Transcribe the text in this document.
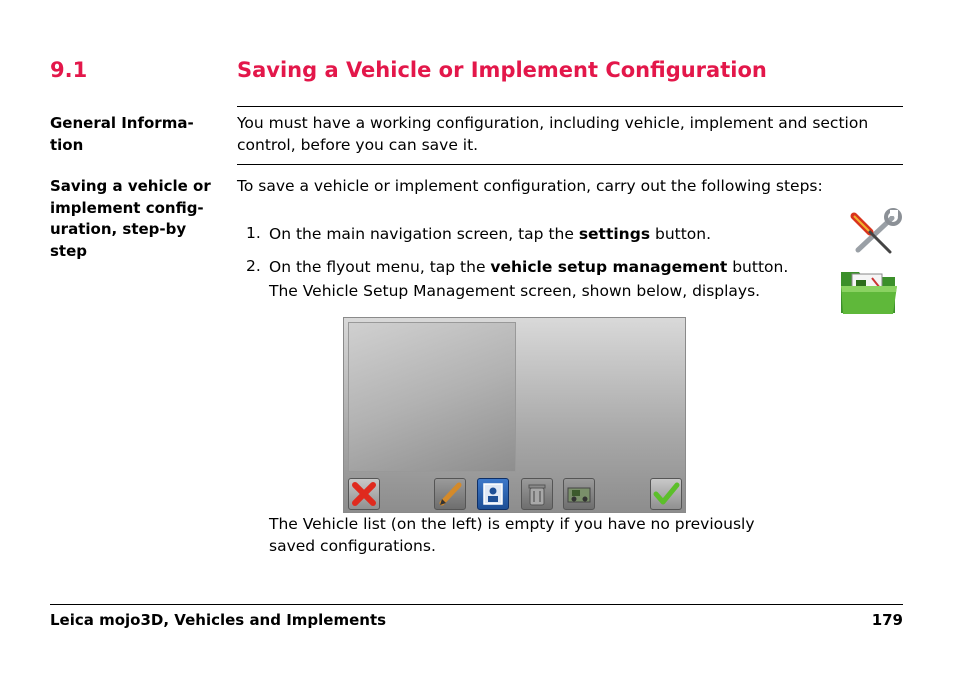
9.1	Saving a Vehicle or Implement Configuration
General Informa-
tion
You must have a working configuration, including vehicle, implement and section
control, before you can save it.
Saving a vehicle or
implement config-
uration, step-by
step
To save a vehicle or implement configuration, carry out the following steps:
1. On the main navigation screen, tap the settings button.
2. On the flyout menu, tap the vehicle setup management button.
The Vehicle Setup Management screen, shown below, displays.
The Vehicle list (on the left) is empty if you have no previously
saved configurations.
Leica mojo3D, Vehicles and Implements	179
